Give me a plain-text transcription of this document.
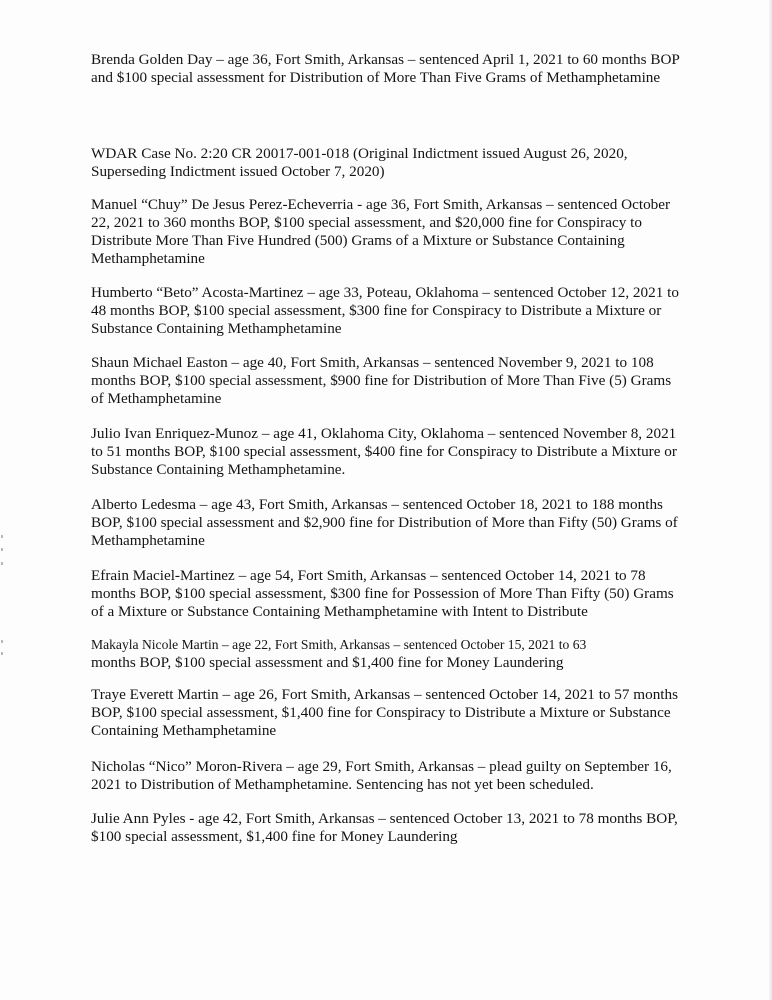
Brenda Golden Day – age 36, Fort Smith, Arkansas – sentenced April 1, 2021 to 60 months BOP
and $100 special assessment for Distribution of More Than Five Grams of Methamphetamine

WDAR Case No. 2:20 CR 20017-001-018 (Original Indictment issued August 26, 2020,
Superseding Indictment issued October 7, 2020)

Manuel “Chuy” De Jesus Perez-Echeverria - age 36, Fort Smith, Arkansas – sentenced October
22, 2021 to 360 months BOP, $100 special assessment, and $20,000 fine for Conspiracy to
Distribute More Than Five Hundred (500) Grams of a Mixture or Substance Containing
Methamphetamine

Humberto “Beto” Acosta-Martinez – age 33, Poteau, Oklahoma – sentenced October 12, 2021 to
48 months BOP, $100 special assessment, $300 fine for Conspiracy to Distribute a Mixture or
Substance Containing Methamphetamine

Shaun Michael Easton – age 40, Fort Smith, Arkansas – sentenced November 9, 2021 to 108
months BOP, $100 special assessment, $900 fine for Distribution of More Than Five (5) Grams
of Methamphetamine

Julio Ivan Enriquez-Munoz – age 41, Oklahoma City, Oklahoma – sentenced November 8, 2021
to 51 months BOP, $100 special assessment, $400 fine for Conspiracy to Distribute a Mixture or
Substance Containing Methamphetamine.

Alberto Ledesma – age 43, Fort Smith, Arkansas – sentenced October 18, 2021 to 188 months
BOP, $100 special assessment and $2,900 fine for Distribution of More than Fifty (50) Grams of
Methamphetamine

Efrain Maciel-Martinez – age 54, Fort Smith, Arkansas – sentenced October 14, 2021 to 78
months BOP, $100 special assessment, $300 fine for Possession of More Than Fifty (50) Grams
of a Mixture or Substance Containing Methamphetamine with Intent to Distribute

Makayla Nicole Martin – age 22, Fort Smith, Arkansas – sentenced October 15, 2021 to 63
months BOP, $100 special assessment and $1,400 fine for Money Laundering

Traye Everett Martin – age 26, Fort Smith, Arkansas – sentenced October 14, 2021 to 57 months
BOP, $100 special assessment, $1,400 fine for Conspiracy to Distribute a Mixture or Substance
Containing Methamphetamine

Nicholas “Nico” Moron-Rivera – age 29, Fort Smith, Arkansas – plead guilty on September 16,
2021 to Distribution of Methamphetamine. Sentencing has not yet been scheduled.

Julie Ann Pyles - age 42, Fort Smith, Arkansas – sentenced October 13, 2021 to 78 months BOP,
$100 special assessment, $1,400 fine for Money Laundering
